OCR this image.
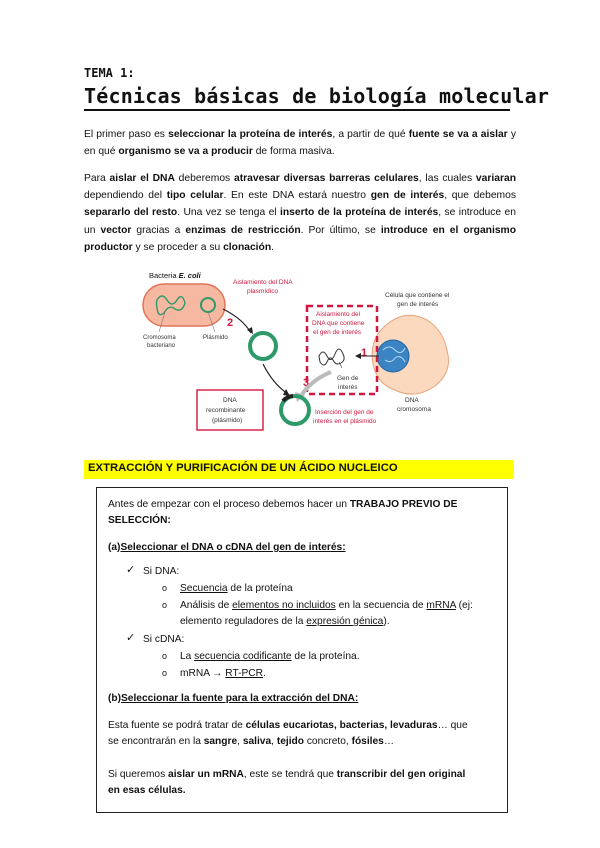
TEMA 1:
Técnicas básicas de biología molecular

El primer paso es seleccionar la proteína de interés, a partir de qué fuente se va a aislar y en qué organismo se va a producir de forma masiva.

Para aislar el DNA deberemos atravesar diversas barreras celulares, las cuales variaran dependiendo del tipo celular. En este DNA estará nuestro gen de interés, que debemos separarlo del resto. Una vez se tenga el inserto de la proteína de interés, se introduce en un vector gracias a enzimas de restricción. Por último, se introduce en el organismo productor y se proceder a su clonación.

Bacteria E. coli
Cromosoma
bacteriano
Plásmido
Aislamiento del DNA
plasmídico
2
Célula que contiene el
gen de interés
DNA
cromosoma
Aislamiento del
DNA que contiene
el gen de interés
1
Gen de
interés
3
DNA
recombinante
(plásmido)
Inserción del gen de
interés en el plásmido
EXTRACCIÓN Y PURIFICACIÓN DE UN ÁCIDO NUCLEICO

Antes de empezar con el proceso debemos hacer un TRABAJO PREVIO DE
SELECCIÓN:

(a)Seleccionar el DNA o cDNA del gen de interés:

✓ Si DNA:

o Secuencia de la proteína

o Análisis de elementos no incluidos en la secuencia de mRNA (ej:
elemento reguladores de la expresión génica).

✓ Si cDNA:

o La secuencia codificante de la proteína.

o mRNA → RT-PCR.

(b)Seleccionar la fuente para la extracción del DNA:

Esta fuente se podrá tratar de células eucariotas, bacterias, levaduras… que
se encontrarán en la sangre, saliva, tejido concreto, fósiles…

Si queremos aislar un mRNA, este se tendrá que transcribir del gen original
en esas células.
